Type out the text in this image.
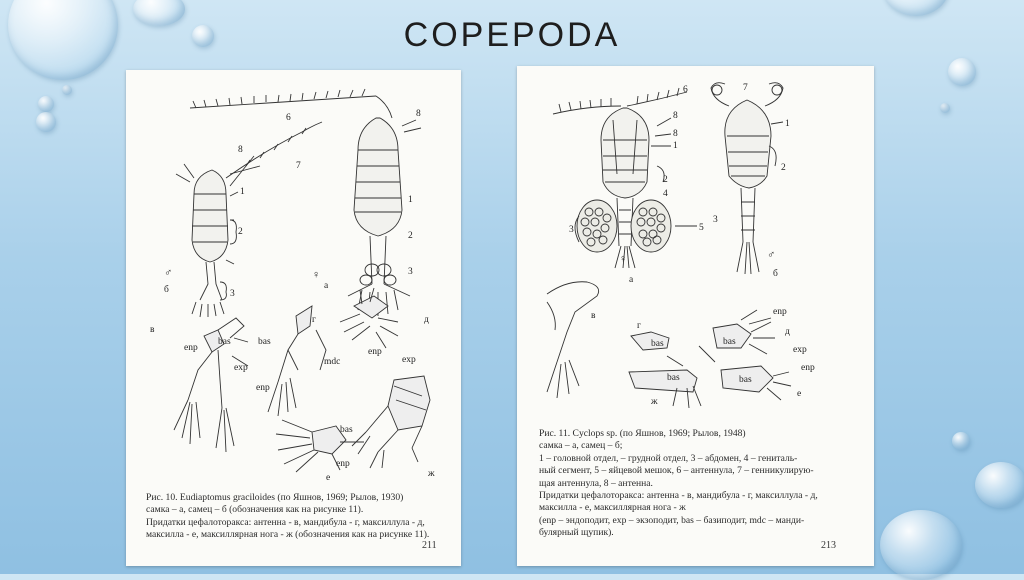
COPEPODA
6
7
8
8
1
2
3
1
2
3
♂
б
♀
а
в
enp
bas
exp
г
bas
mdc
enp
д
enp
exp
bas
enp
е	ж
Рис. 10. Eudiaptomus graciloides (по Яшнов, 1969; Рылов, 1930)
самка – а, самец – б (обозначения как на рисунке 11).
Придатки цефалоторакса: антенна - в, мандибула - г, максиллула - д,
максилла - е, максиллярная нога - ж (обозначения как на рисунке 11).
211
6	7
8
8
1
2
4
5
3
1
2
3
♀
а
♂
б
в
г
bas	bas
enp
д
exp
enp
bas	bas
е
ж
Рис. 11. Cyclops sp. (по Яшнов, 1969; Рылов, 1948)
самка – а, самец – б;
1 – головной отдел, – грудной отдел, 3 – абдомен, 4 – гениталь-
ный сегмент, 5 – яйцевой мешок, 6 – антеннула, 7 – генникулирую-
щая антеннула, 8 – антенна.
Придатки цефалоторакса: антенна - в, мандибула - г, максиллула - д,
максилла - е, максиллярная нога - ж
(enp – эндоподит, exp – экзоподит, bas – базиподит, mdc – манди-
булярный щупик).
213
